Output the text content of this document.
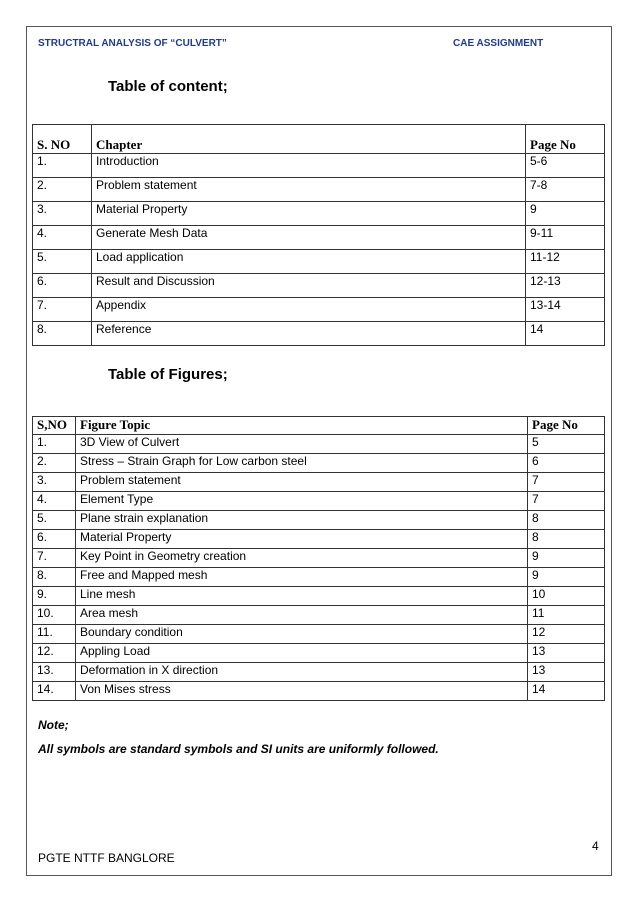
STRUCTRAL ANALYSIS OF “CULVERT”	CAE ASSIGNMENT
Table of content;
S. NO	Chapter	Page No
1.	Introduction	5-6
2.	Problem statement	7-8
3.	Material Property	9
4.	Generate Mesh Data	9-11
5.	Load application	11-12
6.	Result and Discussion	12-13
7.	Appendix	13-14
8.	Reference	14
Table of Figures;
S,NO	Figure Topic	Page No
1.	3D View of Culvert	5
2.	Stress – Strain Graph for Low carbon steel	6
3.	Problem statement	7
4.	Element Type	7
5.	Plane strain explanation	8
6.	Material Property	8
7.	Key Point in Geometry creation	9
8.	Free and Mapped mesh	9
9.	Line mesh	10
10.	Area mesh	11
11.	Boundary condition	12
12.	Appling Load	13
13.	Deformation in X direction	13
14.	Von Mises stress	14
Note;
All symbols are standard symbols and SI units are uniformly followed.
4
PGTE NTTF BANGLORE
